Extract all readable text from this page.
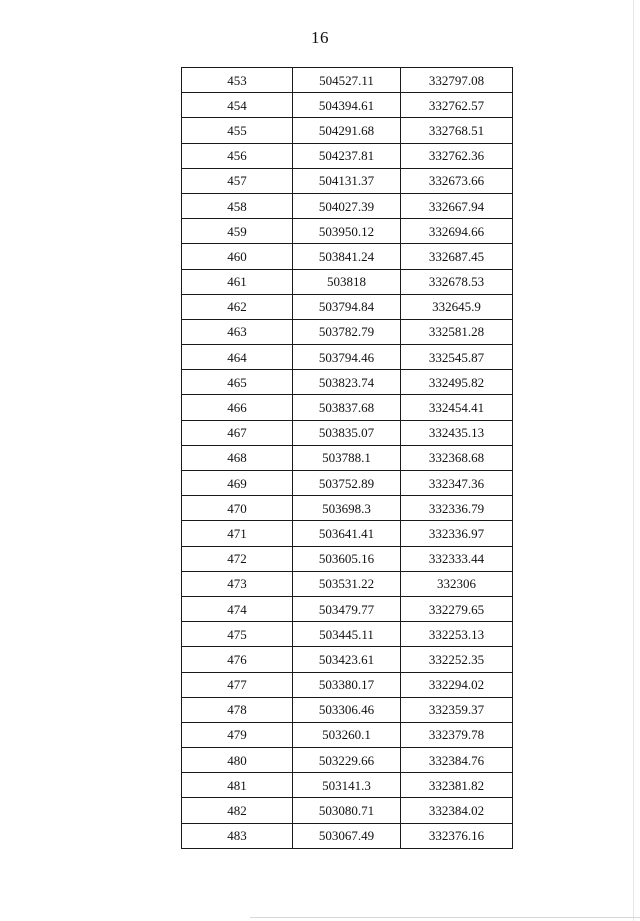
16
453	504527.11	332797.08
454	504394.61	332762.57
455	504291.68	332768.51
456	504237.81	332762.36
457	504131.37	332673.66
458	504027.39	332667.94
459	503950.12	332694.66
460	503841.24	332687.45
461	503818	332678.53
462	503794.84	332645.9
463	503782.79	332581.28
464	503794.46	332545.87
465	503823.74	332495.82
466	503837.68	332454.41
467	503835.07	332435.13
468	503788.1	332368.68
469	503752.89	332347.36
470	503698.3	332336.79
471	503641.41	332336.97
472	503605.16	332333.44
473	503531.22	332306
474	503479.77	332279.65
475	503445.11	332253.13
476	503423.61	332252.35
477	503380.17	332294.02
478	503306.46	332359.37
479	503260.1	332379.78
480	503229.66	332384.76
481	503141.3	332381.82
482	503080.71	332384.02
483	503067.49	332376.16
